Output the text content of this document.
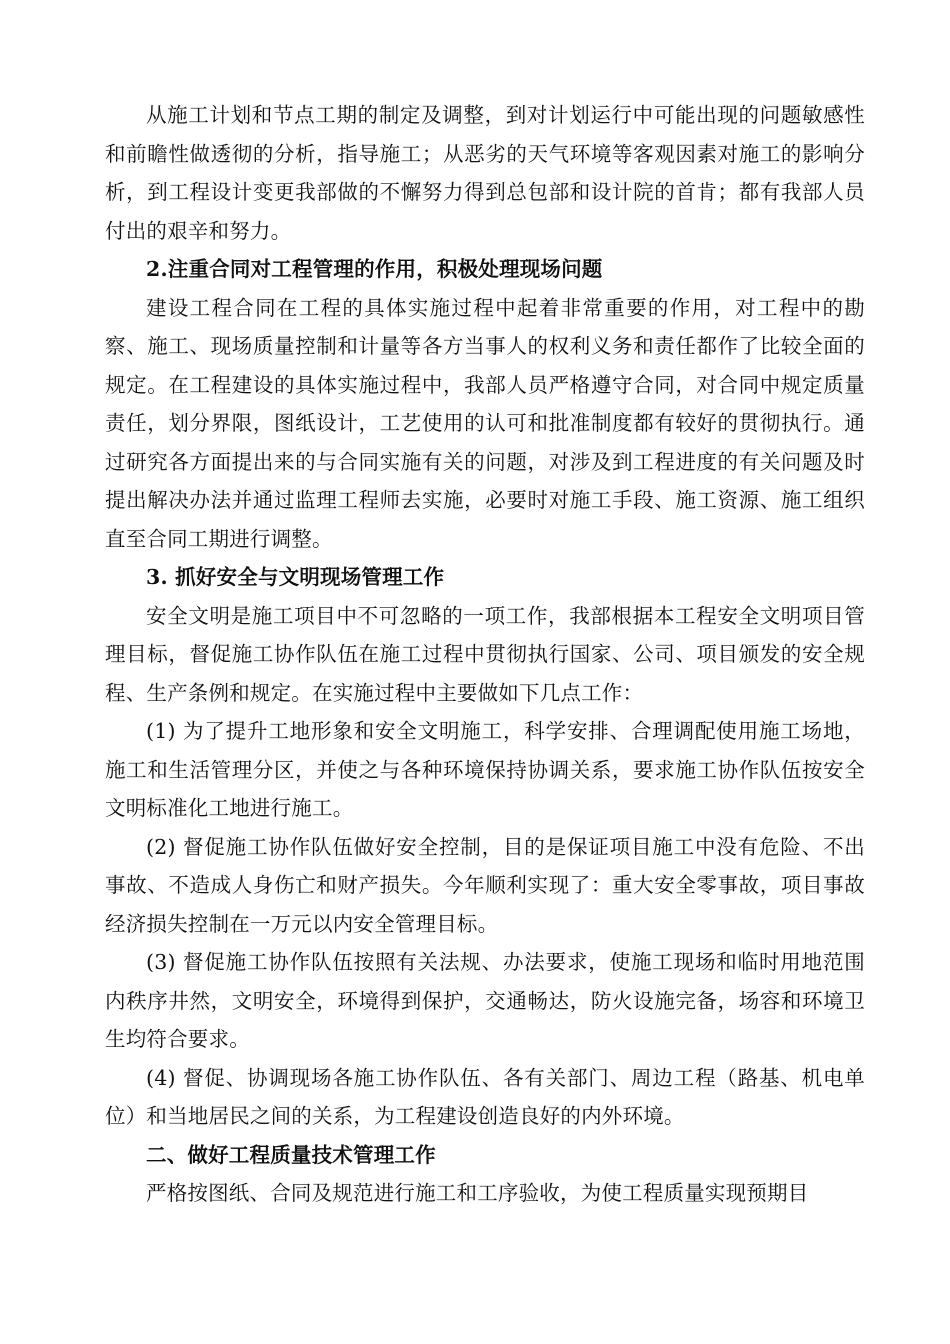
从施工计划和节点工期的制定及调整，到对计划运行中可能出现的问题敏感性和前瞻性做透彻的分析，指导施工；从恶劣的天气环境等客观因素对施工的影响分析，到工程设计变更我部做的不懈努力得到总包部和设计院的首肯；都有我部人员付出的艰辛和努力。

2.注重合同对工程管理的作用，积极处理现场问题

建设工程合同在工程的具体实施过程中起着非常重要的作用，对工程中的勘察、施工、现场质量控制和计量等各方当事人的权利义务和责任都作了比较全面的规定。在工程建设的具体实施过程中，我部人员严格遵守合同，对合同中规定质量责任，划分界限，图纸设计，工艺使用的认可和批准制度都有较好的贯彻执行。通过研究各方面提出来的与合同实施有关的问题，对涉及到工程进度的有关问题及时提出解决办法并通过监理工程师去实施，必要时对施工手段、施工资源、施工组织直至合同工期进行调整。

3. 抓好安全与文明现场管理工作

安全文明是施工项目中不可忽略的一项工作，我部根据本工程安全文明项目管理目标，督促施工协作队伍在施工过程中贯彻执行国家、公司、项目颁发的安全规程、生产条例和规定。在实施过程中主要做如下几点工作：

(1) 为了提升工地形象和安全文明施工，科学安排、合理调配使用施工场地，施工和生活管理分区，并使之与各种环境保持协调关系，要求施工协作队伍按安全文明标准化工地进行施工。

(2) 督促施工协作队伍做好安全控制，目的是保证项目施工中没有危险、不出事故、不造成人身伤亡和财产损失。今年顺利实现了：重大安全零事故，项目事故经济损失控制在一万元以内安全管理目标。

(3) 督促施工协作队伍按照有关法规、办法要求，使施工现场和临时用地范围内秩序井然，文明安全，环境得到保护，交通畅达，防火设施完备，场容和环境卫生均符合要求。

(4) 督促、协调现场各施工协作队伍、各有关部门、周边工程（路基、机电单位）和当地居民之间的关系，为工程建设创造良好的内外环境。

二、做好工程质量技术管理工作

严格按图纸、合同及规范进行施工和工序验收，为使工程质量实现预期目
